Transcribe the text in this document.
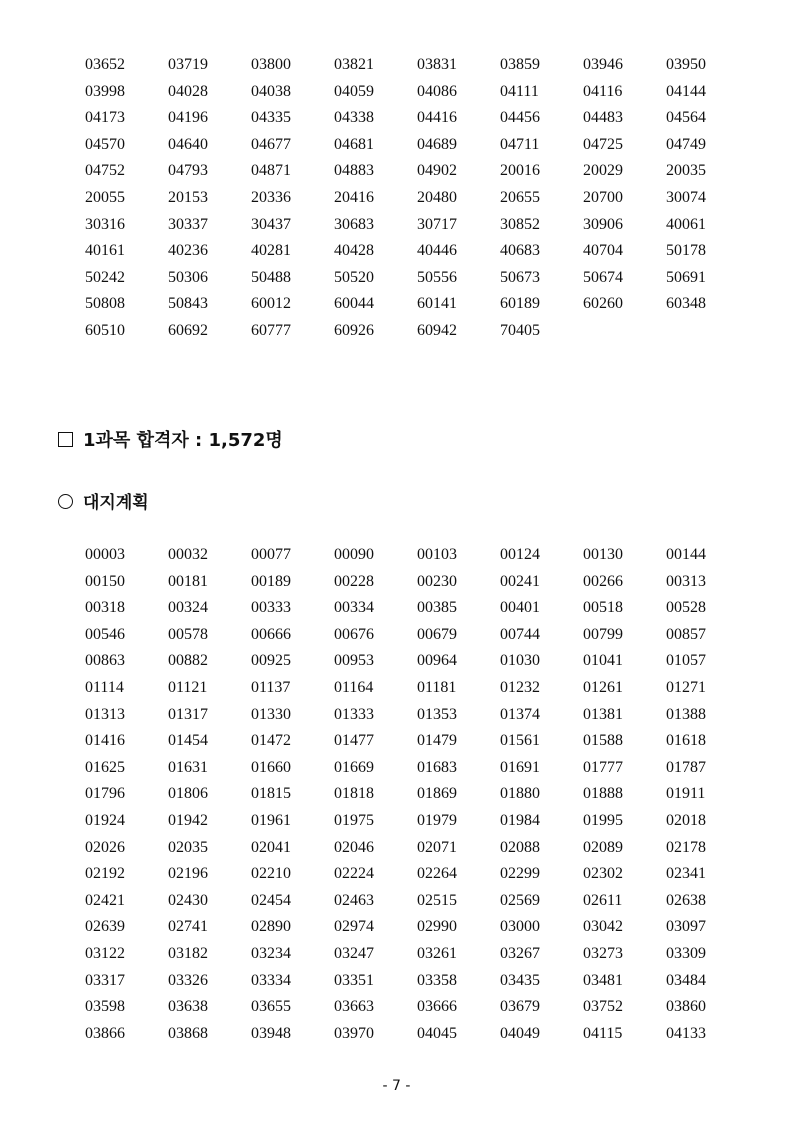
03652	03719	03800	03821	03831	03859	03946	03950
03998	04028	04038	04059	04086	04111	04116	04144
04173	04196	04335	04338	04416	04456	04483	04564
04570	04640	04677	04681	04689	04711	04725	04749
04752	04793	04871	04883	04902	20016	20029	20035
20055	20153	20336	20416	20480	20655	20700	30074
30316	30337	30437	30683	30717	30852	30906	40061
40161	40236	40281	40428	40446	40683	40704	50178
50242	50306	50488	50520	50556	50673	50674	50691
50808	50843	60012	60044	60141	60189	60260	60348
60510	60692	60777	60926	60942	70405
1과목 합격자 : 1,572명
대지계획
00003	00032	00077	00090	00103	00124	00130	00144
00150	00181	00189	00228	00230	00241	00266	00313
00318	00324	00333	00334	00385	00401	00518	00528
00546	00578	00666	00676	00679	00744	00799	00857
00863	00882	00925	00953	00964	01030	01041	01057
01114	01121	01137	01164	01181	01232	01261	01271
01313	01317	01330	01333	01353	01374	01381	01388
01416	01454	01472	01477	01479	01561	01588	01618
01625	01631	01660	01669	01683	01691	01777	01787
01796	01806	01815	01818	01869	01880	01888	01911
01924	01942	01961	01975	01979	01984	01995	02018
02026	02035	02041	02046	02071	02088	02089	02178
02192	02196	02210	02224	02264	02299	02302	02341
02421	02430	02454	02463	02515	02569	02611	02638
02639	02741	02890	02974	02990	03000	03042	03097
03122	03182	03234	03247	03261	03267	03273	03309
03317	03326	03334	03351	03358	03435	03481	03484
03598	03638	03655	03663	03666	03679	03752	03860
03866	03868	03948	03970	04045	04049	04115	04133
- 7 -
